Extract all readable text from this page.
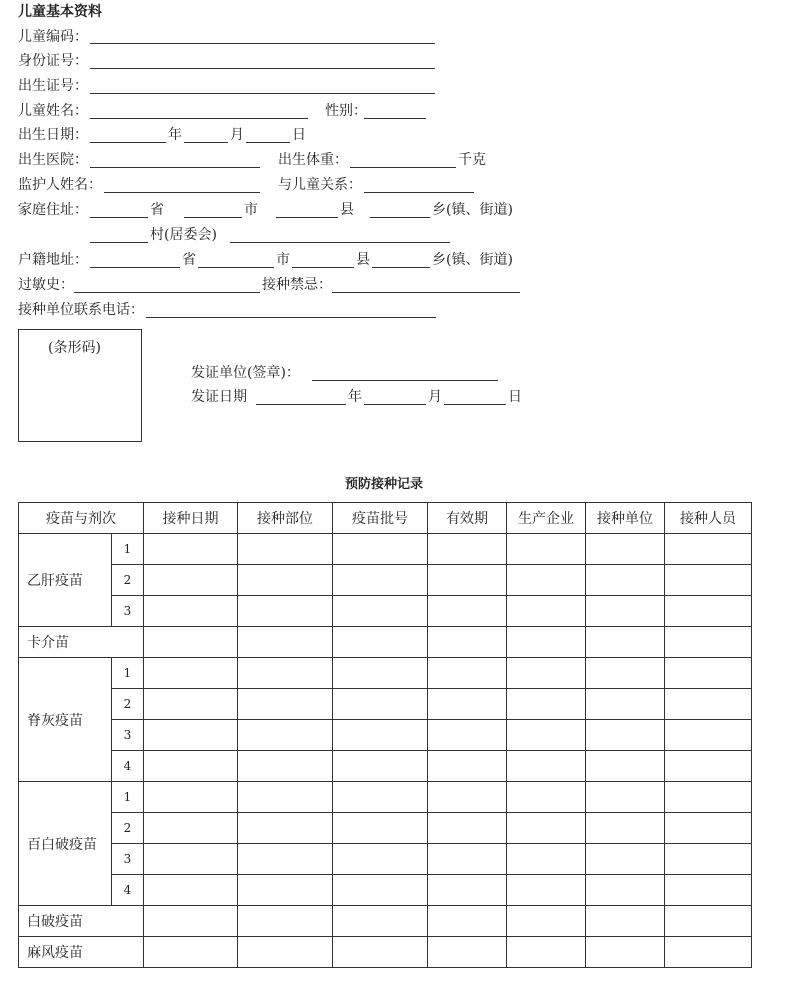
儿童基本资料
儿童编码：
身份证号：
出生证号：
儿童姓名：	性别：
出生日期：	年	月	日
出生医院：	出生体重：	千克
监护人姓名：	与儿童关系：
家庭住址：	省	市	县	乡(镇、街道)
村(居委会)
户籍地址：	省	市	县	乡(镇、街道)
过敏史：	接种禁忌：
接种单位联系电话：
(条形码)
发证单位(签章)：
发证日期	年	月	日
预防接种记录
疫苗与剂次		接种日期	接种部位	疫苗批号	有效期	生产企业	接种单位	接种人员
乙肝疫苗	1							
	2							
	3							
卡介苗								
脊灰疫苗	1							
	2							
	3							
	4							
百白破疫苗	1							
	2							
	3							
	4							
白破疫苗								
麻风疫苗								
